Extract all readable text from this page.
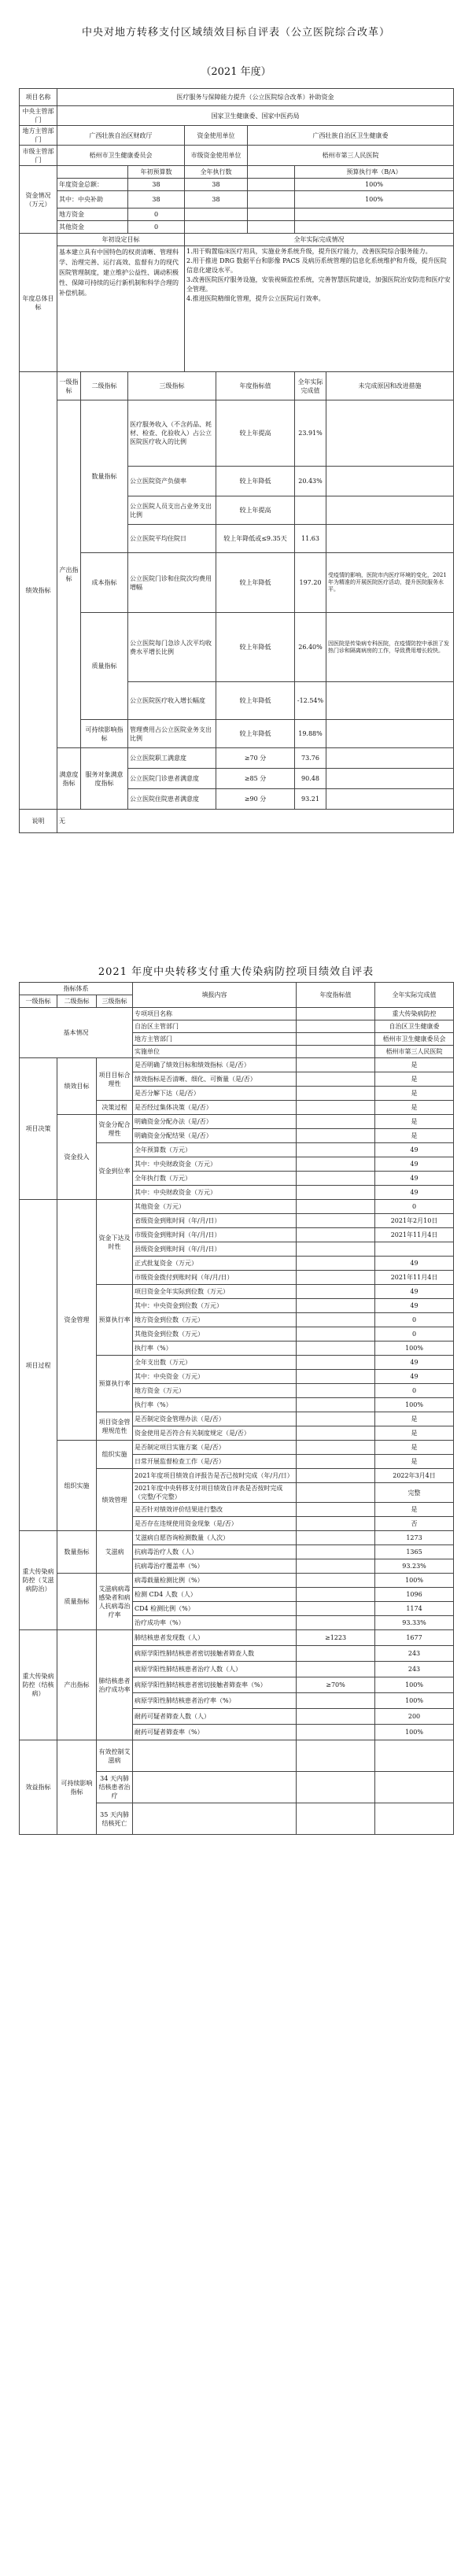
中央对地方转移支付区域绩效目标自评表（公立医院综合改革）
（2021 年度）
项目名称	医疗服务与保障能力提升（公立医院综合改革）补助资金							
中央主管部门	国家卫生健康委、国家中医药局							
地方主管部门	广西壮族自治区财政厅			资金使用单位		广西壮族自治区卫生健康委		
市级主管部门	梧州市卫生健康委员会			市级资金使用单位		梧州市第三人民医院		
资金情况（万元）			年初预算数	全年执行数			预算执行率（B/A）	
	年度资金总额：		38	38			100%	
	其中：中央补助		38	38			100%	
	地方资金		0					
	其他资金		0					
年度总体目标	年初设定目标			全年实际完成情况				
	基本建立具有中国特色的权责清晰、管理科学、治理完善、运行高效、监督有力的现代医院管理制度，建立维护公益性、调动积极性、保障可持续的运行新机制和科学合理的补偿机制。			1.用于购置临床医疗用具，实施业务系统升级，提升医疗能力，改善医院综合服务能力。
2.用于推进 DRG 数据平台和影像 PACS 及病历系统管理的信息化系统维护和升级，提升医院信息化建设水平。
3.改善医院医疗服务设施，安装视频监控系统，完善智慧医院建设，加强医院治安防范和医疗安全管理。
4.推进医院精细化管理，提升公立医院运行效率。				

绩效指标	一级指标	二级指标	三级指标		年度指标值		全年实际完成值	未完成原因和改进措施
	产出指标	数量指标	医疗服务收入（不含药品、耗材、检查、化验收入）占公立医院医疗收入的比例		较上年提高		23.91%	
			公立医院资产负债率		较上年降低		20.43%	
			公立医院人员支出占业务支出比例		较上年提高			
			公立医院平均住院日		较上年降低或≤9.35天		11.63	
		成本指标	公立医院门诊和住院次均费用增幅		较上年降低		197.20	受疫情的影响，医院市内医疗环境的变化，2021年为精准的开展医院医疗活动，提升医院服务水平。
		质量指标	公立医院每门急诊人次平均收费水平增长比例		较上年降低		26.40%	因医院是传染病专科医院，在疫情防控中承担了发热门诊和隔离病房的工作，导致费用增长较快。
			公立医院医疗收入增长幅度		较上年降低		-12.54%	
		可持续影响指标	管理费用占公立医院业务支出比例		较上年降低		19.88%	
	满意度指标	服务对象满意度指标	公立医院职工满意度		≥70 分		73.76	
			公立医院门诊患者满意度		≥85 分		90.48	
			公立医院住院患者满意度		≥90 分		93.21	
说明	无							
2021 年度中央转移支付重大传染病防控项目绩效自评表
指标体系			填报内容	年度指标值	全年实际完成值
一级指标	二级指标	三级指标			
基本情况			专项项目名称		重大传染病防控
			自治区主管部门		自治区卫生健康委
			地方主管部门		梧州市卫生健康委员会
			实施单位		梧州市第三人民医院
项目决策	绩效目标	项目目标合理性	是否明确了绩效目标和绩效指标（是/否）		是
			绩效指标是否清晰、细化、可衡量（是/否）		是
			是否分解下达（是/否）		是
		决策过程	是否经过集体决策（是/否）		是
	资金投入	资金分配合理性	明确资金分配办法（是/否）		是
			明确资金分配结果（是/否）		是
		资金到位率	全年预算数（万元）		49
			其中：中央财政资金（万元）		49
			全年执行数（万元）		49
			其中：中央财政资金（万元）		49
项目过程	资金管理	资金下达及时性	其他资金（万元）		0
			省级资金到账时间（年/月/日）		2021年2月10日
			市级资金到账时间（年/月/日）		2021年11月4日
			县级资金到账时间（年/月/日）		
			正式批复资金（万元）		49
			市级资金拨付到账时间（年/月/日）		2021年11月4日
		预算执行率	项目资金全年实际到位数（万元）		49
			其中：中央资金到位数（万元）		49
			地方资金到位数（万元）		0
			其他资金到位数（万元）		0
			执行率（%）		100%
		预算执行率	全年支出数（万元）		49
			其中：中央资金（万元）		49
			地方资金（万元）		0
			执行率（%）		100%
		项目资金管理规范性	是否制定资金管理办法（是/否）		是
			资金使用是否符合有关制度规定（是/否）		是
	组织实施	组织实施	是否制定项目实施方案（是/否）		是
			日常开展监督检查工作（是/否）		是
		绩效管理	2021年度项目绩效自评报告是否已按时完成（年/月/日）		2022年3月4日
			2021年度中央转移支付项目绩效自评表是否按时完成（完整/不完整）		完整
			是否针对绩效评价结果进行整改		是
			是否存在违规使用资金现象（是/否）		否
重大传染病防控（艾滋病防治）	数量指标	艾滋病	艾滋病自愿咨询检测数量（人次）		1273
			抗病毒治疗人数（人）		1365
			抗病毒治疗覆盖率（%）		93.23%
	质量指标	艾滋病病毒感染者和病人抗病毒治疗率	病毒载量检测比例（%）		100%
			检测 CD4 人数（人）		1096
			CD4 检测比例（%）		1174
			治疗成功率（%）		93.33%
重大传染病防控（结核病）	产出指标	肺结核患者治疗成功率	肺结核患者发现数（人）	≥1223	1677
			病原学阳性肺结核患者密切接触者筛查人数		243
			病原学阳性肺结核患者治疗人数（人）		243
			病原学阳性肺结核患者密切接触者筛查率（%）	≥70%	100%
			病原学阳性肺结核患者治疗率（%）		100%
			耐药可疑者筛查人数（人）		200
			耐药可疑者筛查率（%）		100%
效益指标	可持续影响指标	有效控制艾滋病			
		34 天内肺结核患者治疗			
		35 天内肺结核死亡			
